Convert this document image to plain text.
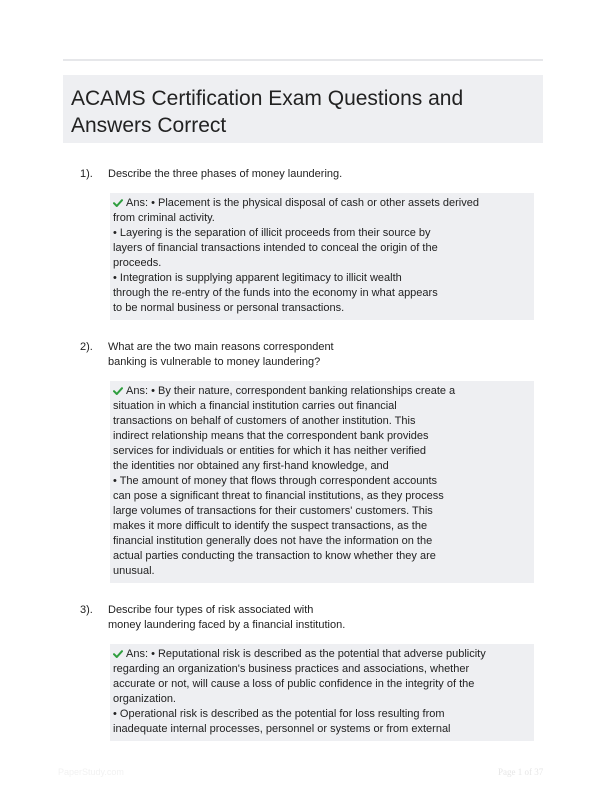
ACAMS Certification Exam Questions and Answers Correct
1). Describe the three phases of money laundering.
Ans: • Placement is the physical disposal of cash or other assets derived
from criminal activity.
• Layering is the separation of illicit proceeds from their source by
layers of financial transactions intended to conceal the origin of the
proceeds.
• Integration is supplying apparent legitimacy to illicit wealth
through the re-entry of the funds into the economy in what appears
to be normal business or personal transactions.
2). What are the two main reasons correspondent
banking is vulnerable to money laundering?
Ans: • By their nature, correspondent banking relationships create a
situation in which a financial institution carries out financial
transactions on behalf of customers of another institution. This
indirect relationship means that the correspondent bank provides
services for individuals or entities for which it has neither verified
the identities nor obtained any first-hand knowledge, and
• The amount of money that flows through correspondent accounts
can pose a significant threat to financial institutions, as they process
large volumes of transactions for their customers' customers. This
makes it more difficult to identify the suspect transactions, as the
financial institution generally does not have the information on the
actual parties conducting the transaction to know whether they are
unusual.
3). Describe four types of risk associated with
money laundering faced by a financial institution.
Ans: • Reputational risk is described as the potential that adverse publicity
regarding an organization's business practices and associations, whether
accurate or not, will cause a loss of public confidence in the integrity of the
organization.
• Operational risk is described as the potential for loss resulting from
inadequate internal processes, personnel or systems or from external
PaperStudy.com	Page 1 of 37
